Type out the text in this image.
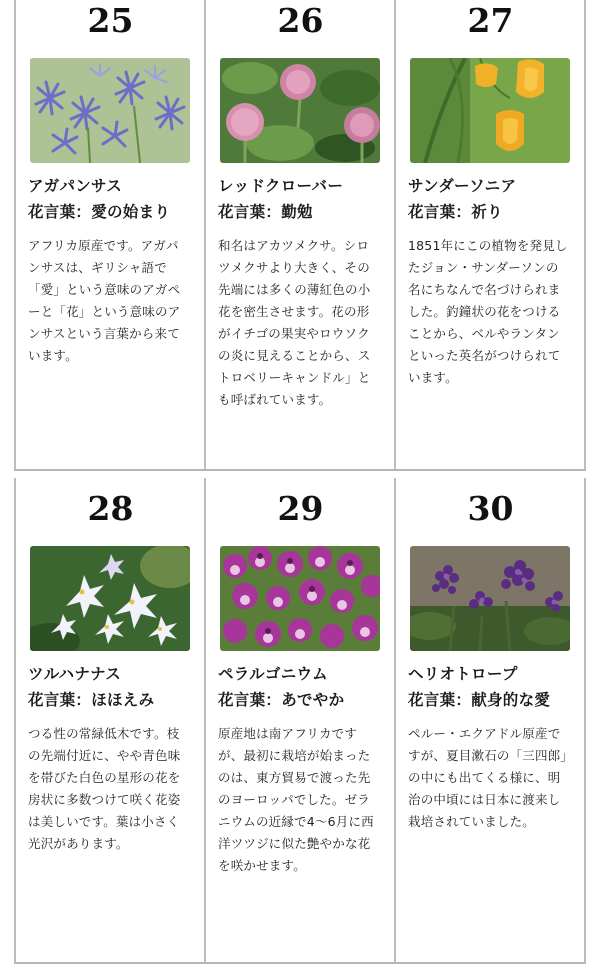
25
アガパンサス
花言葉：愛の始まり
アフリカ原産です。アガパンサスは、ギリシャ語で「愛」という意味のアガペーと「花」という意味のアンサスという言葉から来ています。
26
レッドクローバー
花言葉：勤勉
和名はアカツメクサ。シロツメクサより大きく、その先端には多くの薄紅色の小花を密生させます。花の形がイチゴの果実やロウソクの炎に見えることから、ストロベリーキャンドル」とも呼ばれています。
27
サンダーソニア
花言葉：祈り
1851年にこの植物を発見したジョン・サンダーソンの名にちなんで名づけられました。釣鐘状の花をつけることから、ベルやランタンといった英名がつけられています。
28
ツルハナナス
花言葉：ほほえみ
つる性の常緑低木です。枝の先端付近に、やや青色味を帯びた白色の星形の花を房状に多数つけて咲く花姿は美しいです。葉は小さく光沢があります。
29
ペラルゴニウム
花言葉：あでやか
原産地は南アフリカですが、最初に栽培が始まったのは、東方貿易で渡った先のヨーロッパでした。ゼラニウムの近縁で4〜6月に西洋ツツジに似た艶やかな花を咲かせます。
30
ヘリオトロープ
花言葉：献身的な愛
ペルー・エクアドル原産ですが、夏目漱石の「三四郎」の中にも出てくる様に、明治の中頃には日本に渡来し栽培されていました。
